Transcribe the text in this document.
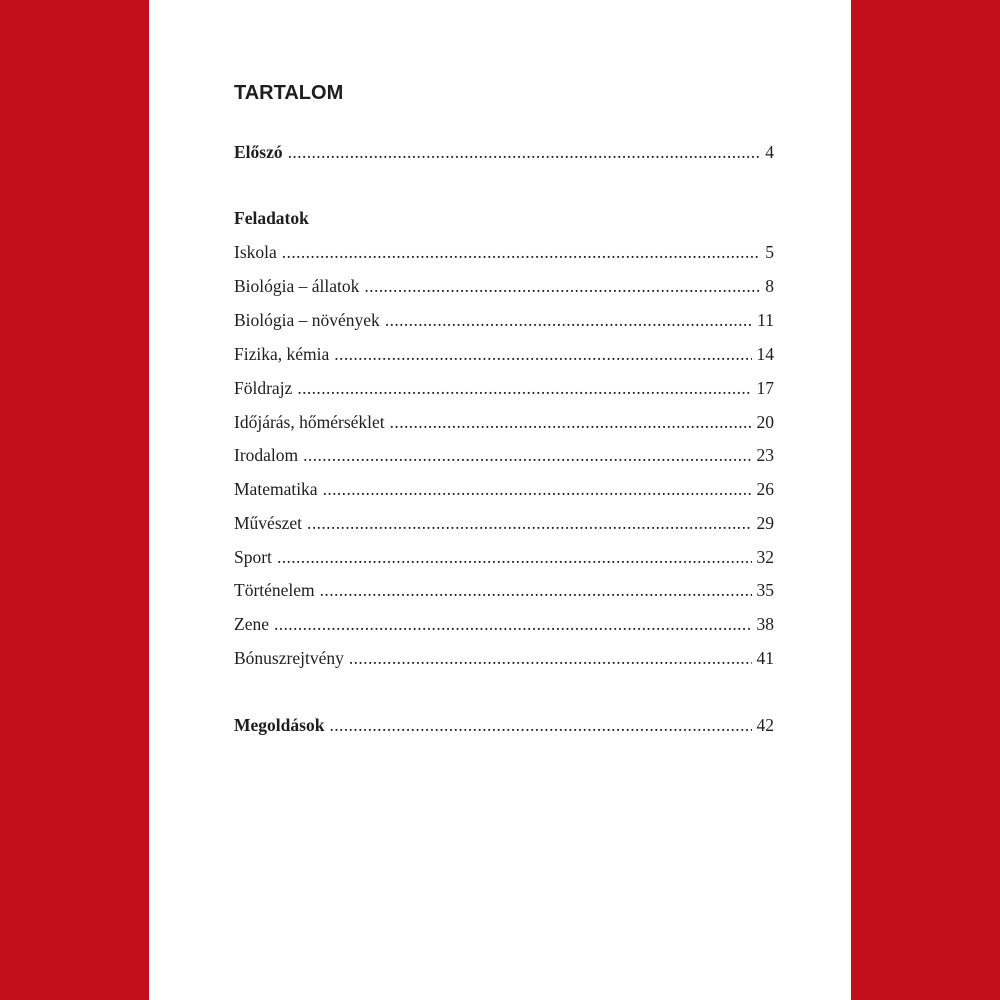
TARTALOM
Előszó .....	4
Feladatok
Iskola .....	5
Biológia – állatok .....	8
Biológia – növények .....	11
Fizika, kémia .....	14
Földrajz .....	17
Időjárás, hőmérséklet .....	20
Irodalom .....	23
Matematika .....	26
Művészet .....	29
Sport .....	32
Történelem .....	35
Zene .....	38
Bónuszrejtvény .....	41
Megoldások .....	42
